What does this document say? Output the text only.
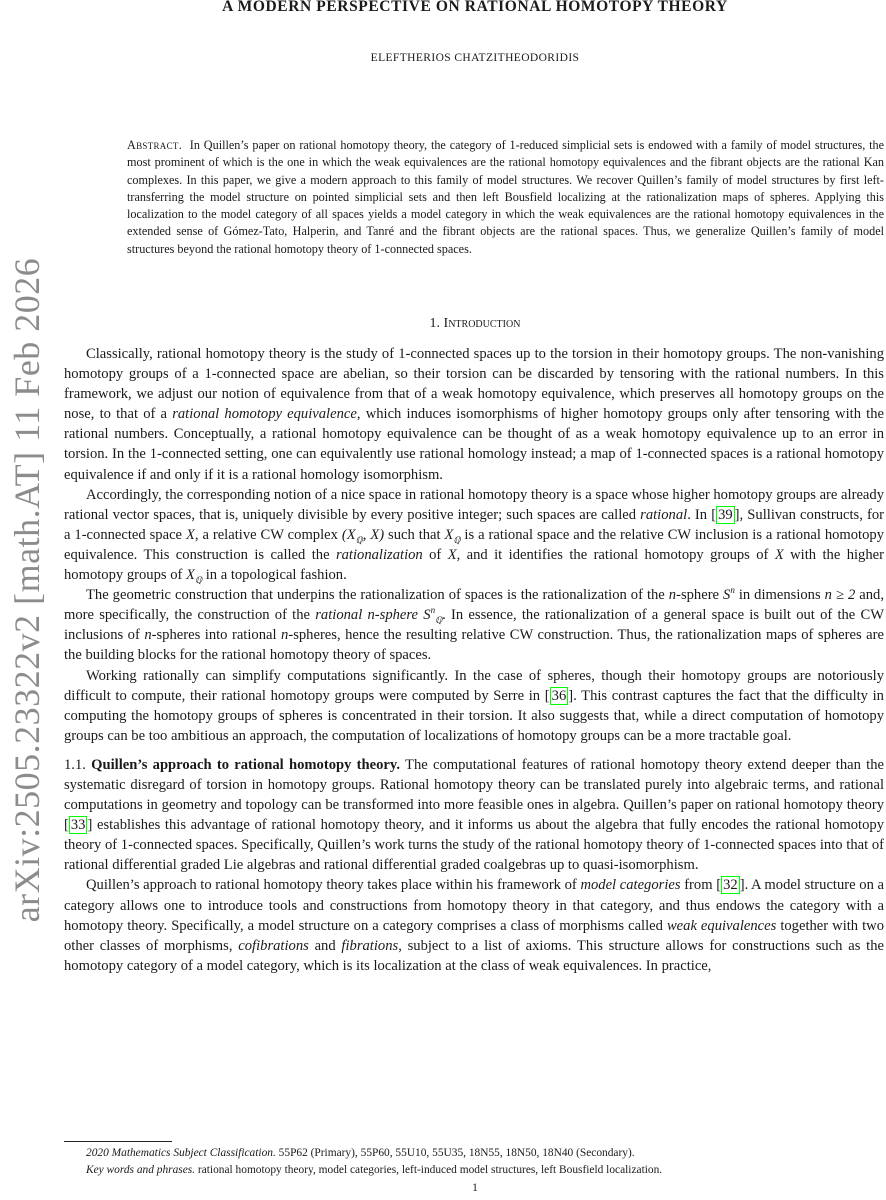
arXiv:2505.23322v2 [math.AT] 11 Feb 2026
A MODERN PERSPECTIVE ON RATIONAL HOMOTOPY THEORY
ELEFTHERIOS CHATZITHEODORIDIS
Abstract. In Quillen’s paper on rational homotopy theory, the category of 1-reduced simplicial sets is endowed with a family of model structures, the most prominent of which is the one in which the weak equivalences are the rational homotopy equivalences and the fibrant objects are the rational Kan complexes. In this paper, we give a modern approach to this family of model structures. We recover Quillen’s family of model structures by first left-transferring the model structure on pointed simplicial sets and then left Bousfield localizing at the rationalization maps of spheres. Applying this localization to the model category of all spaces yields a model category in which the weak equivalences are the rational homotopy equivalences in the extended sense of Gómez-Tato, Halperin, and Tanré and the fibrant objects are the rational spaces. Thus, we generalize Quillen’s family of model structures beyond the rational homotopy theory of 1-connected spaces.
1. Introduction

Classically, rational homotopy theory is the study of 1-connected spaces up to the torsion in their homotopy groups. The non-vanishing homotopy groups of a 1-connected space are abelian, so their torsion can be discarded by tensoring with the rational numbers. In this framework, we adjust our notion of equivalence from that of a weak homotopy equivalence, which preserves all homotopy groups on the nose, to that of a rational homotopy equivalence, which induces isomorphisms of higher homotopy groups only after tensoring with the rational numbers. Conceptually, a rational homotopy equivalence can be thought of as a weak homotopy equivalence up to an error in torsion. In the 1-connected setting, one can equivalently use rational homology instead; a map of 1-connected spaces is a rational homotopy equivalence if and only if it is a rational homology isomorphism.

Accordingly, the corresponding notion of a nice space in rational homotopy theory is a space whose higher homotopy groups are already rational vector spaces, that is, uniquely divisible by every positive integer; such spaces are called rational. In [ 39 ], Sullivan constructs, for a 1-connected space X, a relative CW complex ($X_ℚ$, X) such that $X_ℚ$ is a rational space and the relative CW inclusion is a rational homotopy equivalence. This construction is called the rationalization of X, and it identifies the rational homotopy groups of X with the higher homotopy groups of $X_ℚ$ in a topological fashion.

The geometric construction that underpins the rationalization of spaces is the rationalization of the n-sphere $S^n$ in dimensions n ≥ 2 and, more specifically, the construction of the rational n-sphere $S^n_ℚ$. In essence, the rationalization of a general space is built out of the CW inclusions of n-spheres into rational n-spheres, hence the resulting relative CW construction. Thus, the rationalization maps of spheres are the building blocks for the rational homotopy theory of spaces.

Working rationally can simplify computations significantly. In the case of spheres, though their homotopy groups are notoriously difficult to compute, their rational homotopy groups were computed by Serre in [ 36 ]. This contrast captures the fact that the difficulty in computing the homotopy groups of spheres is concentrated in their torsion. It also suggests that, while a direct computation of homotopy groups can be too ambitious an approach, the computation of localizations of homotopy groups can be a more tractable goal.

1.1. Quillen’s approach to rational homotopy theory. The computational features of rational homotopy theory extend deeper than the systematic disregard of torsion in homotopy groups. Rational homotopy theory can be translated purely into algebraic terms, and rational computations in geometry and topology can be transformed into more feasible ones in algebra. Quillen’s paper on rational homotopy theory [ 33 ] establishes this advantage of rational homotopy theory, and it informs us about the algebra that fully encodes the rational homotopy theory of 1-connected spaces. Specifically, Quillen’s work turns the study of the rational homotopy theory of 1-connected spaces into that of rational differential graded Lie algebras and rational differential graded coalgebras up to quasi-isomorphism.

Quillen’s approach to rational homotopy theory takes place within his framework of model categories from [ 32 ]. A model structure on a category allows one to introduce tools and constructions from homotopy theory in that category, and thus endows the category with a homotopy theory. Specifically, a model structure on a category comprises a class of morphisms called weak equivalences together with two other classes of morphisms, cofibrations and fibrations, subject to a list of axioms. This structure allows for constructions such as the homotopy category of a model category, which is its localization at the class of weak equivalences. In practice,

2020 Mathematics Subject Classification. 55P62 (Primary), 55P60, 55U10, 55U35, 18N55, 18N50, 18N40 (Secondary).
Key words and phrases. rational homotopy theory, model categories, left-induced model structures, left Bousfield localization.
1
